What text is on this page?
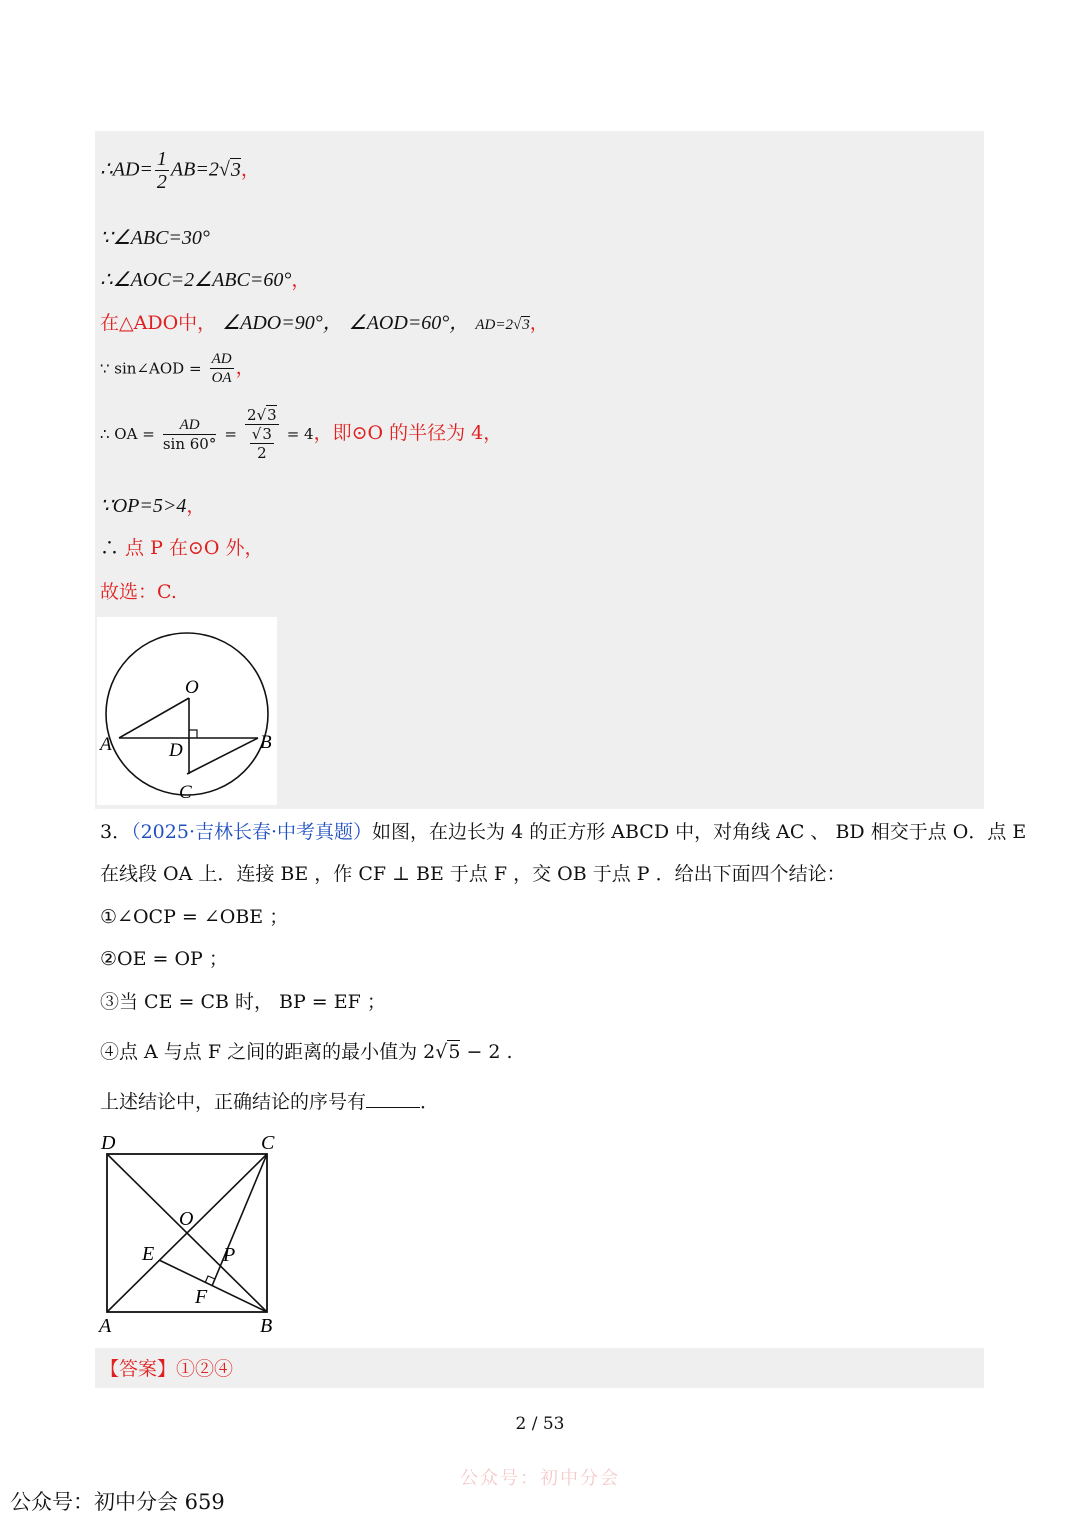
∴AD= $\frac{1}{2} AB=2√3$，
∵∠ABC=30°
∴∠AOC=2∠ABC=60°，
在△ADO中， ∠ADO=90°， ∠AOD=60°， AD=2√3，
∵ sin∠AOD = $\frac{AD}{OA}$ ，
∴ OA = $\frac{AD}{\sin 60^\circ} = \frac{2√3}{\frac{√3}{2}} = 4$，即⊙O 的半径为 4，
∵OP=5>4，
∴ 点 P 在⊙O 外，
故选：C.
O
A	D	B
C
3．（2025·吉林长春·中考真题）如图，在边长为 4 的正方形 ABCD 中，对角线 AC 、 BD 相交于点 O．点 E
在线段 OA 上．连接 BE ，作 CF ⊥ BE 于点 F ，交 OB 于点 P ．给出下面四个结论：
①∠OCP = ∠OBE ；
②OE = OP ；
③当 CE = CB 时， BP = EF ；
④点 A 与点 F 之间的距离的最小值为 2√5 − 2 .
上述结论中，正确结论的序号有	．
D	C
O
E	P
F
A	B
【答案】①②④
2 / 53
公众号：初中分会
公众号：初中分会 659
